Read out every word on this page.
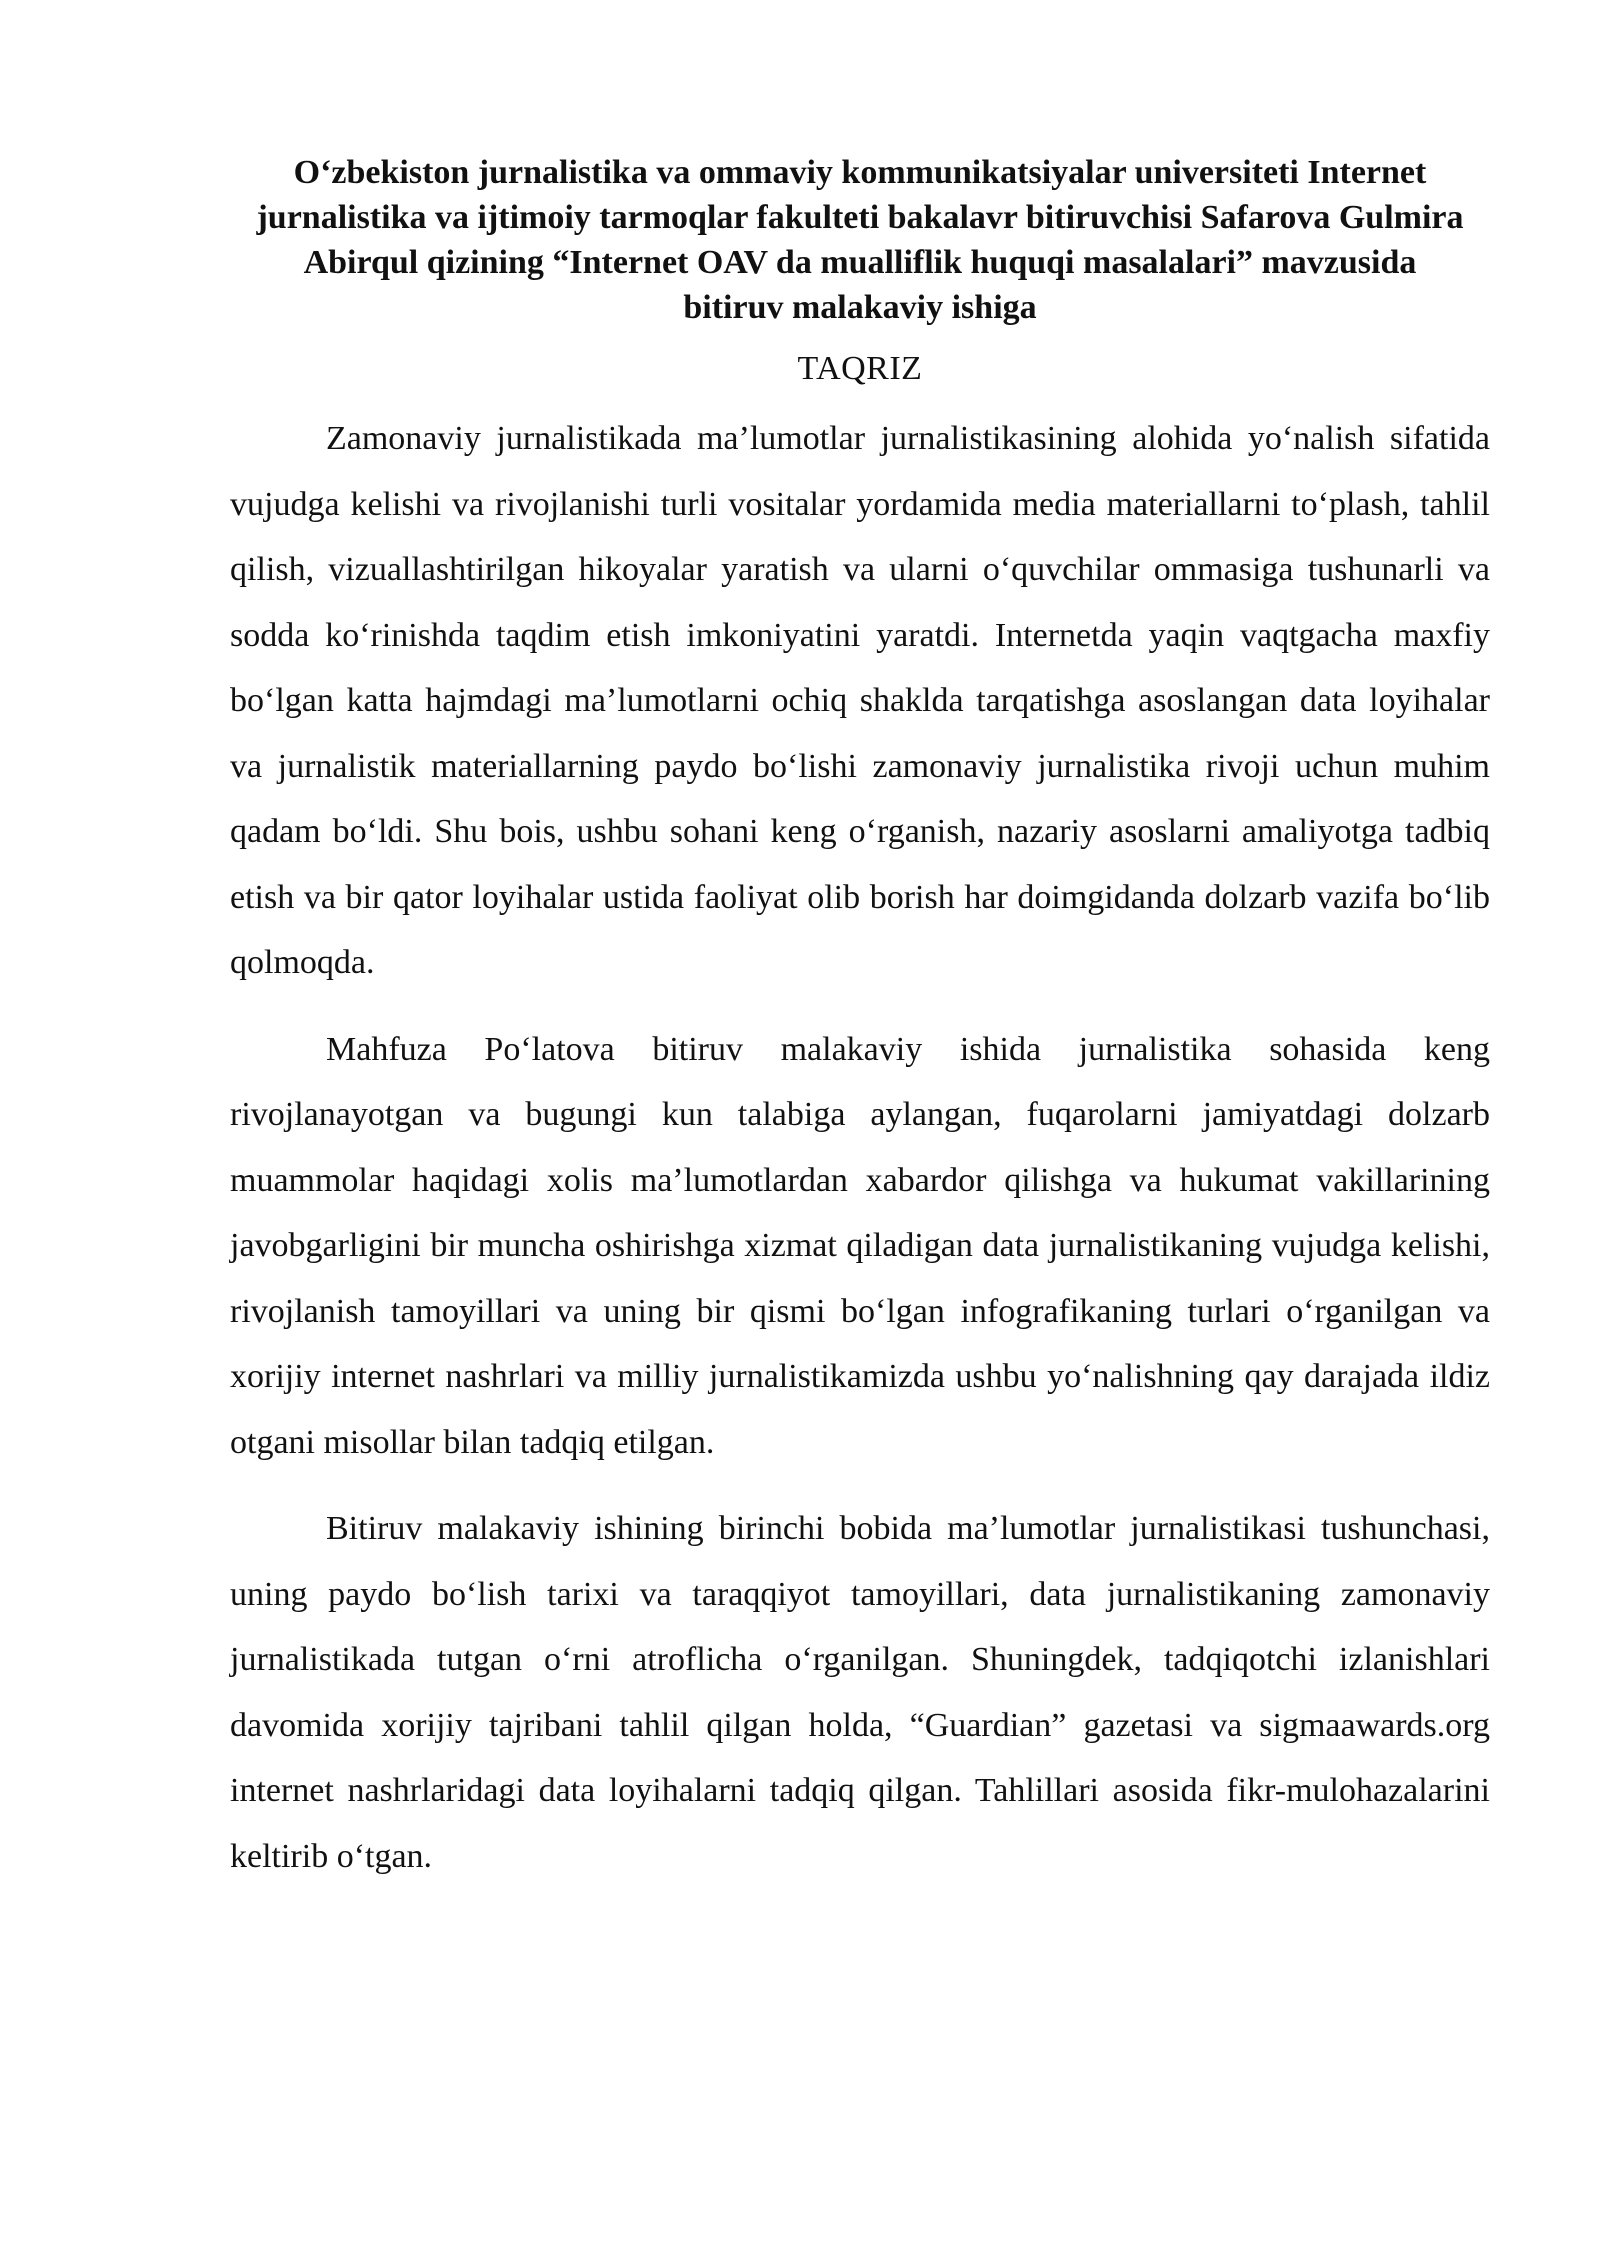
O‘zbekiston jurnalistika va ommaviy kommunikatsiyalar universiteti Internet jurnalistika va ijtimoiy tarmoqlar fakulteti bakalavr bitiruvchisi Safarova Gulmira Abirqul qizining “Internet OAV da mualliflik huquqi masalalari” mavzusida bitiruv malakaviy ishiga
TAQRIZ

Zamonaviy jurnalistikada ma’lumotlar jurnalistikasining alohida yo‘nalish sifatida vujudga kelishi va rivojlanishi turli vositalar yordamida media materiallarni to‘plash, tahlil qilish, vizuallashtirilgan hikoyalar yaratish va ularni o‘quvchilar ommasiga tushunarli va sodda ko‘rinishda taqdim etish imkoniyatini yaratdi. Internetda yaqin vaqtgacha maxfiy bo‘lgan katta hajmdagi ma’lumotlarni ochiq shaklda tarqatishga asoslangan data loyihalar va jurnalistik materiallarning paydo bo‘lishi zamonaviy jurnalistika rivoji uchun muhim qadam bo‘ldi. Shu bois, ushbu sohani keng o‘rganish, nazariy asoslarni amaliyotga tadbiq etish va bir qator loyihalar ustida faoliyat olib borish har doimgidanda dolzarb vazifa bo‘lib qolmoqda.

Mahfuza Po‘latova bitiruv malakaviy ishida jurnalistika sohasida keng rivojlanayotgan va bugungi kun talabiga aylangan, fuqarolarni jamiyatdagi dolzarb muammolar haqidagi xolis ma’lumotlardan xabardor qilishga va hukumat vakillarining javobgarligini bir muncha oshirishga xizmat qiladigan data jurnalistikaning vujudga kelishi, rivojlanish tamoyillari va uning bir qismi bo‘lgan infografikaning turlari o‘rganilgan va xorijiy internet nashrlari va milliy jurnalistikamizda ushbu yo‘nalishning qay darajada ildiz otgani misollar bilan tadqiq etilgan.

Bitiruv malakaviy ishining birinchi bobida ma’lumotlar jurnalistikasi tushunchasi, uning paydo bo‘lish tarixi va taraqqiyot tamoyillari, data jurnalistikaning zamonaviy jurnalistikada tutgan o‘rni atroflicha o‘rganilgan. Shuningdek, tadqiqotchi izlanishlari davomida xorijiy tajribani tahlil qilgan holda, “Guardian” gazetasi va sigmaawards.org internet nashrlaridagi data loyihalarni tadqiq qilgan. Tahlillari asosida fikr-mulohazalarini keltirib o‘tgan.
